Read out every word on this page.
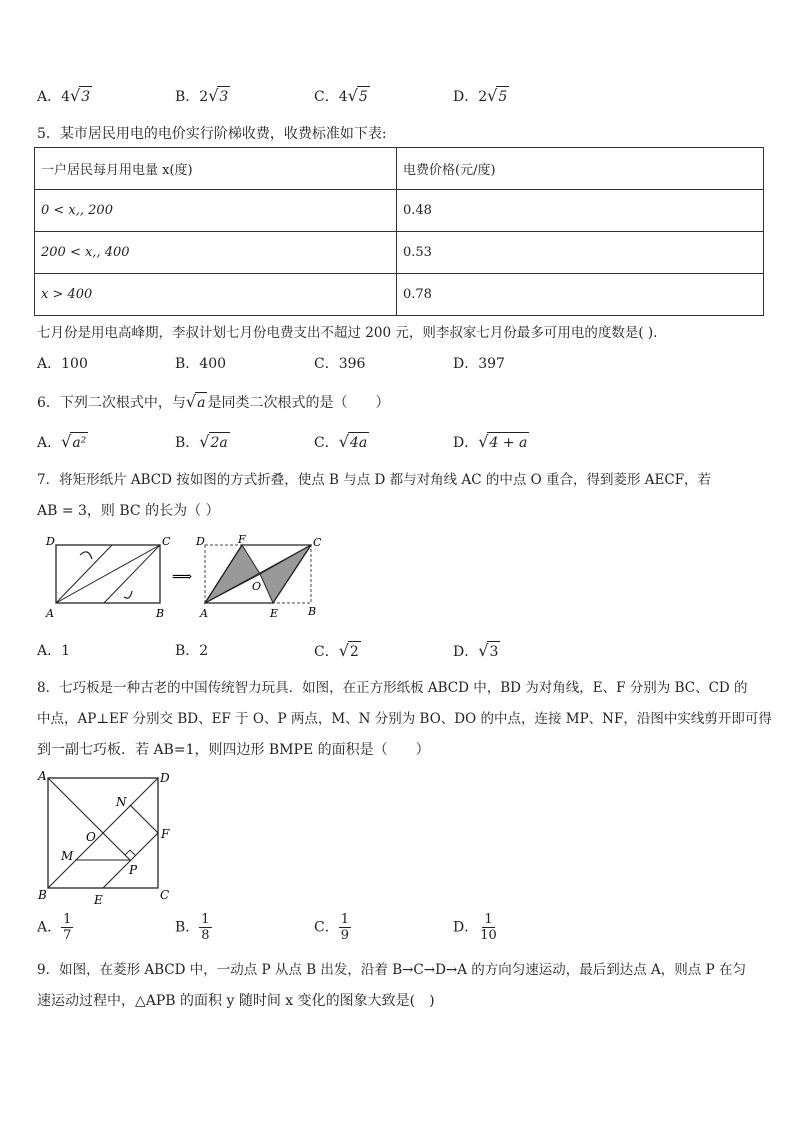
A．4√3	B．2√3	C．4√5	D．2√5
5．某市居民用电的电价实行阶梯收费，收费标准如下表:
一户居民每月用电量 x(度)	电费价格(元/度)
0 < x,, 200	0.48
200 < x,, 400	0.53
x > 400	0.78
七月份是用电高峰期，李叔计划七月份电费支出不超过 200 元，则李叔家七月份最多可用电的度数是( ).
A．100	B．400	C．396	D．397
6．下列二次根式中，与√a 是同类二次根式的是（　　）
A．√a²	B．√2a	C．√4a	D．√4 + a
7．将矩形纸片 ABCD 按如图的方式折叠，使点 B 与点 D 都与对角线 AC 的中点 O 重合，得到菱形 AECF，若
AB = 3，则 BC 的长为（ ）
D	C
A	B
⟹
D	F	C
O
A	E	B
A．1	B．2	C．√2	D．√3
8．七巧板是一种古老的中国传统智力玩具．如图，在正方形纸板 ABCD 中，BD 为对角线，E、F 分别为 BC、CD 的
中点，AP⊥EF 分别交 BD、EF 于 O、P 两点，M、N 分别为 BO、DO 的中点，连接 MP、NF，沿图中实线剪开即可得
到一副七巧板．若 AB=1，则四边形 BMPE 的面积是（　　）
A	D
C
B	E
F
O
M
N
P
A． $\frac{1}{7}$	B． $\frac{1}{8}$	C． $\frac{1}{9}$	D． $\frac{1}{10}$
9．如图，在菱形 ABCD 中，一动点 P 从点 B 出发，沿着 B→C→D→A 的方向匀速运动，最后到达点 A，则点 P 在匀
速运动过程中，△APB 的面积 y 随时间 x 变化的图象大致是(　)
